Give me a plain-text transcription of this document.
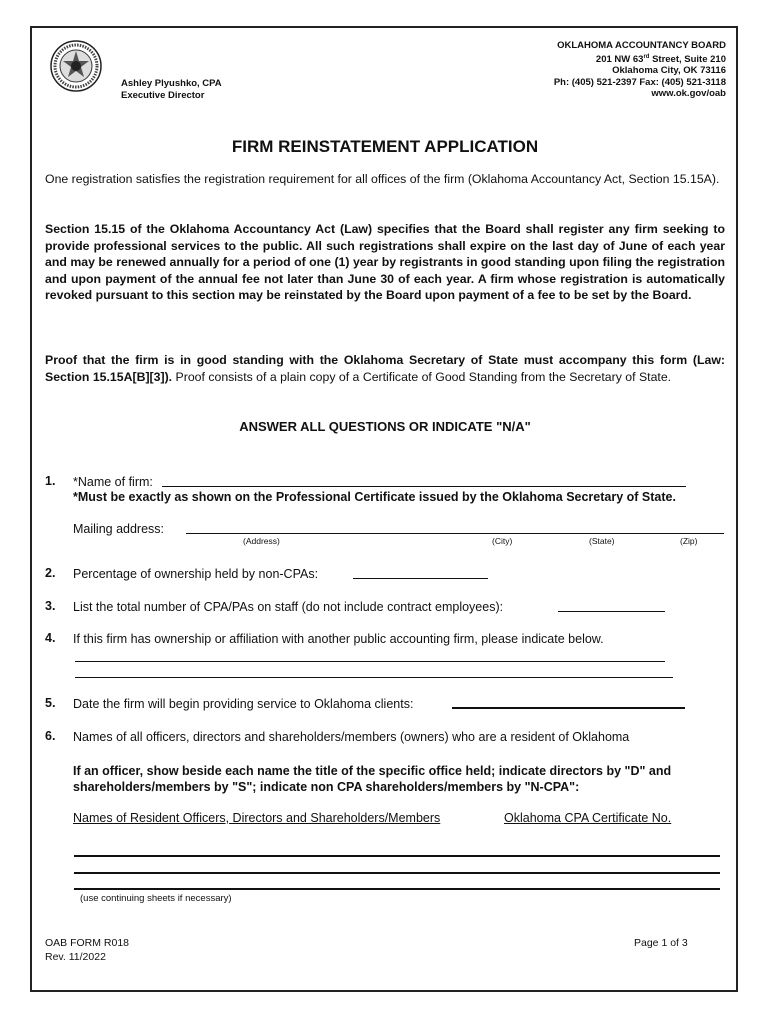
Ashley Plyushko, CPA
Executive Director
OKLAHOMA ACCOUNTANCY BOARD
201 NW 63rd Street, Suite 210
Oklahoma City, OK 73116
Ph: (405) 521-2397 Fax: (405) 521-3118
www.ok.gov/oab
FIRM REINSTATEMENT APPLICATION
One registration satisfies the registration requirement for all offices of the firm (Oklahoma Accountancy Act, Section 15.15A).
Section 15.15 of the Oklahoma Accountancy Act (Law) specifies that the Board shall register any firm seeking to provide professional services to the public. All such registrations shall expire on the last day of June of each year and may be renewed annually for a period of one (1) year by registrants in good standing upon filing the registration and upon payment of the annual fee not later than June 30 of each year. A firm whose registration is automatically revoked pursuant to this section may be reinstated by the Board upon payment of a fee to be set by the Board.
Proof that the firm is in good standing with the Oklahoma Secretary of State must accompany this form (Law: Section 15.15A[B][3]). Proof consists of a plain copy of a Certificate of Good Standing from the Secretary of State.
ANSWER ALL QUESTIONS OR INDICATE "N/A"
1. *Name of firm:
*Must be exactly as shown on the Professional Certificate issued by the Oklahoma Secretary of State.
Mailing address:
(Address)	(City)	(State)	(Zip)
2. Percentage of ownership held by non-CPAs:
3. List the total number of CPA/PAs on staff (do not include contract employees):
4. If this firm has ownership or affiliation with another public accounting firm, please indicate below.
5. Date the firm will begin providing service to Oklahoma clients:
6. Names of all officers, directors and shareholders/members (owners) who are a resident of Oklahoma
If an officer, show beside each name the title of the specific office held; indicate directors by "D" and shareholders/members by "S"; indicate non CPA shareholders/members by "N-CPA":
Names of Resident Officers, Directors and Shareholders/Members	Oklahoma CPA Certificate No.
(use continuing sheets if necessary)
OAB FORM R018
Rev. 11/2022
Page 1 of 3
